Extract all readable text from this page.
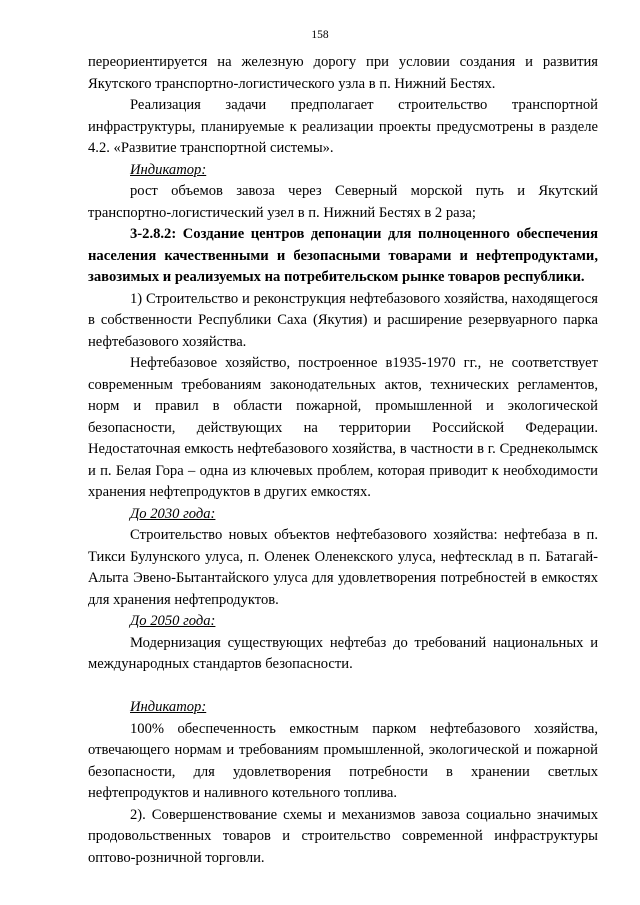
158

переориентируется на железную дорогу при условии создания и развития Якутского транспортно-логистического узла в п. Нижний Бестях.

Реализация задачи предполагает строительство транспортной инфраструктуры, планируемые к реализации проекты предусмотрены в разделе 4.2. «Развитие транспортной системы».

Индикатор:

рост объемов завоза через Северный морской путь и Якутский транспортно-логистический узел в п. Нижний Бестях в 2 раза;

3-2.8.2: Создание центров депонации для полноценного обеспечения населения качественными и безопасными товарами и нефтепродуктами, завозимых и реализуемых на потребительском рынке товаров республики.

1) Строительство и реконструкция нефтебазового хозяйства, находящегося в собственности Республики Саха (Якутия) и расширение резервуарного парка нефтебазового хозяйства.

Нефтебазовое хозяйство, построенное в1935-1970 гг., не соответствует современным требованиям законодательных актов, технических регламентов, норм и правил в области пожарной, промышленной и экологической безопасности, действующих на территории Российской Федерации. Недостаточная емкость нефтебазового хозяйства, в частности в г. Среднеколымск и п. Белая Гора – одна из ключевых проблем, которая приводит к необходимости хранения нефтепродуктов в других емкостях.

До 2030 года:

Строительство новых объектов нефтебазового хозяйства: нефтебаза в п. Тикси Булунского улуса, п. Оленек Оленекского улуса, нефтесклад в п. Батагай-Алыта Эвено-Бытантайского улуса для удовлетворения потребностей в емкостях для хранения нефтепродуктов.

До 2050 года:

Модернизация существующих нефтебаз до требований национальных и международных стандартов безопасности.

Индикатор:

100% обеспеченность емкостным парком нефтебазового хозяйства, отвечающего нормам и требованиям промышленной, экологической и пожарной безопасности, для удовлетворения потребности в хранении светлых нефтепродуктов и наливного котельного топлива.

2). Совершенствование схемы и механизмов завоза социально значимых продовольственных товаров и строительство современной инфраструктуры оптово-розничной торговли.
